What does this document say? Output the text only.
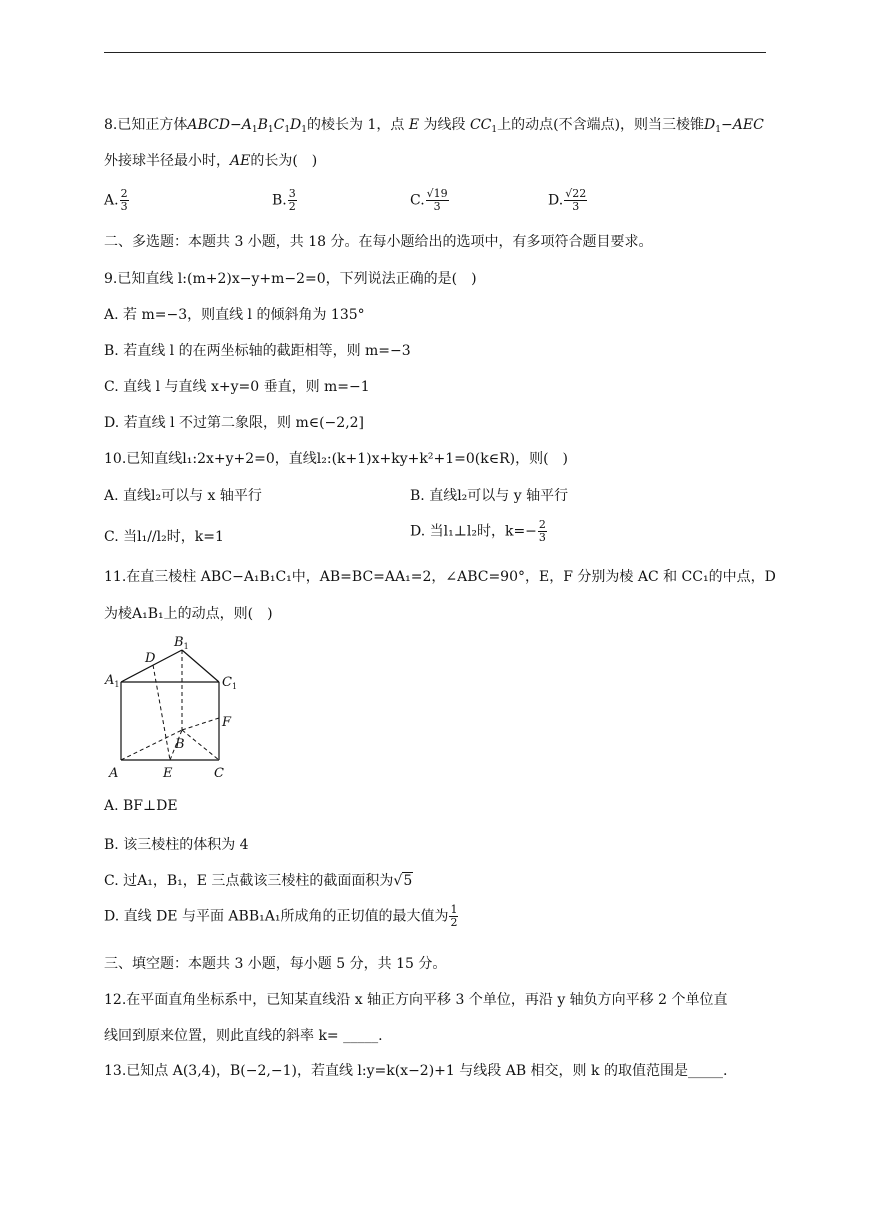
8.已知正方体$ABCD-A_1B_1C_1D_1$的棱长为 1，点 E 为线段 $CC_1$上的动点(不含端点)，则当三棱锥$D_1-AEC$
外接球半径最小时，AE的长为(　)
A. $\frac{2}{3}$	B. $\frac{3}{2}$	C. $\frac{√19}{3}$	D. $\frac{√22}{3}$
二、多选题：本题共 3 小题，共 18 分。在每小题给出的选项中，有多项符合题目要求。
9.已知直线 l:(m+2)x−y+m−2=0，下列说法正确的是(　)
A. 若 m=−3，则直线 l 的倾斜角为 135°
B. 若直线 l 的在两坐标轴的截距相等，则 m=−3
C. 直线 l 与直线 x+y=0 垂直，则 m=−1
D. 若直线 l 不过第二象限，则 m∈(−2,2]
10.已知直线l₁:2x+y+2=0，直线l₂:(k+1)x+ky+k²+1=0(k∈R)，则(　)
A. 直线l₂可以与 x 轴平行	B. 直线l₂可以与 y 轴平行
C. 当l₁//l₂时，k=1	D. 当l₁⊥l₂时，$k=- \frac{2}{3}$
11.在直三棱柱 ABC−A₁B₁C₁中，AB=BC=AA₁=2，∠ABC=90°，E，F 分别为棱 AC 和 CC₁的中点，D
为棱A₁B₁上的动点，则(　)
$B_1$
D
$A_1$	$C_1$
F
B
A	E	C
A. BF⊥DE
B. 该三棱柱的体积为 4
C. 过A₁，B₁，E 三点截该三棱柱的截面面积为√5
D. 直线 DE 与平面 ABB₁A₁所成角的正切值的最大值为 $\frac{1}{2}$
三、填空题：本题共 3 小题，每小题 5 分，共 15 分。
12.在平面直角坐标系中，已知某直线沿 x 轴正方向平移 3 个单位，再沿 y 轴负方向平移 2 个单位直
线回到原来位置，则此直线的斜率 k= _____.
13.已知点 A(3,4)，B(−2,−1)，若直线 l:y=k(x−2)+1 与线段 AB 相交，则 k 的取值范围是_____.
